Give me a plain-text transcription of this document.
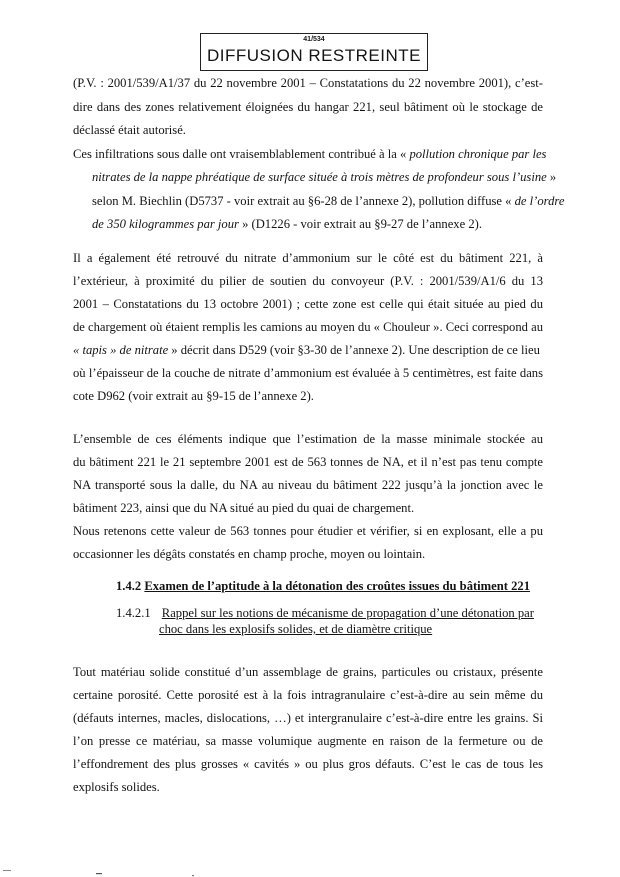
41/534
DIFFUSION RESTREINTE
(P.V. : 2001/539/A1/37 du 22 novembre 2001 – Constatations du 22 novembre 2001), c’est-
dire dans des zones relativement éloignées du hangar 221, seul bâtiment où le stockage de
déclassé était autorisé.
Ces infiltrations sous dalle ont vraisemblablement contribué à la « pollution chronique par les
nitrates de la nappe phréatique de surface située à trois mètres de profondeur sous l’usine »
selon M. Biechlin (D5737 - voir extrait au §6-28 de l’annexe 2), pollution diffuse « de l’ordre
de 350 kilogrammes par jour » (D1226 - voir extrait au §9-27 de l’annexe 2).
Il a également été retrouvé du nitrate d’ammonium sur le côté est du bâtiment 221, à
l’extérieur, à proximité du pilier de soutien du convoyeur (P.V. : 2001/539/A1/6 du 13
2001 – Constatations du 13 octobre 2001) ; cette zone est celle qui était située au pied du
de chargement où étaient remplis les camions au moyen du « Chouleur ». Ceci correspond au
« tapis » de nitrate » décrit dans D529 (voir §3-30 de l’annexe 2). Une description de ce lieu
où l’épaisseur de la couche de nitrate d’ammonium est évaluée à 5 centimètres, est faite dans
cote D962 (voir extrait au §9-15 de l’annexe 2).
L’ensemble de ces éléments indique que l’estimation de la masse minimale stockée au
du bâtiment 221 le 21 septembre 2001 est de 563 tonnes de NA, et il n’est pas tenu compte
NA transporté sous la dalle, du NA au niveau du bâtiment 222 jusqu’à la jonction avec le
bâtiment 223, ainsi que du NA situé au pied du quai de chargement.
Nous retenons cette valeur de 563 tonnes pour étudier et vérifier, si en explosant, elle a pu
occasionner les dégâts constatés en champ proche, moyen ou lointain.
1.4.2 Examen de l’aptitude à la détonation des croûtes issues du bâtiment 221
1.4.2.1 Rappel sur les notions de mécanisme de propagation d’une détonation par
choc dans les explosifs solides, et de diamètre critique
Tout matériau solide constitué d’un assemblage de grains, particules ou cristaux, présente
certaine porosité. Cette porosité est à la fois intragranulaire c’est-à-dire au sein même du
(défauts internes, macles, dislocations, …) et intergranulaire c’est-à-dire entre les grains. Si
l’on presse ce matériau, sa masse volumique augmente en raison de la fermeture ou de
l’effondrement des plus grosses « cavités » ou plus gros défauts. C’est le cas de tous les
explosifs solides.
